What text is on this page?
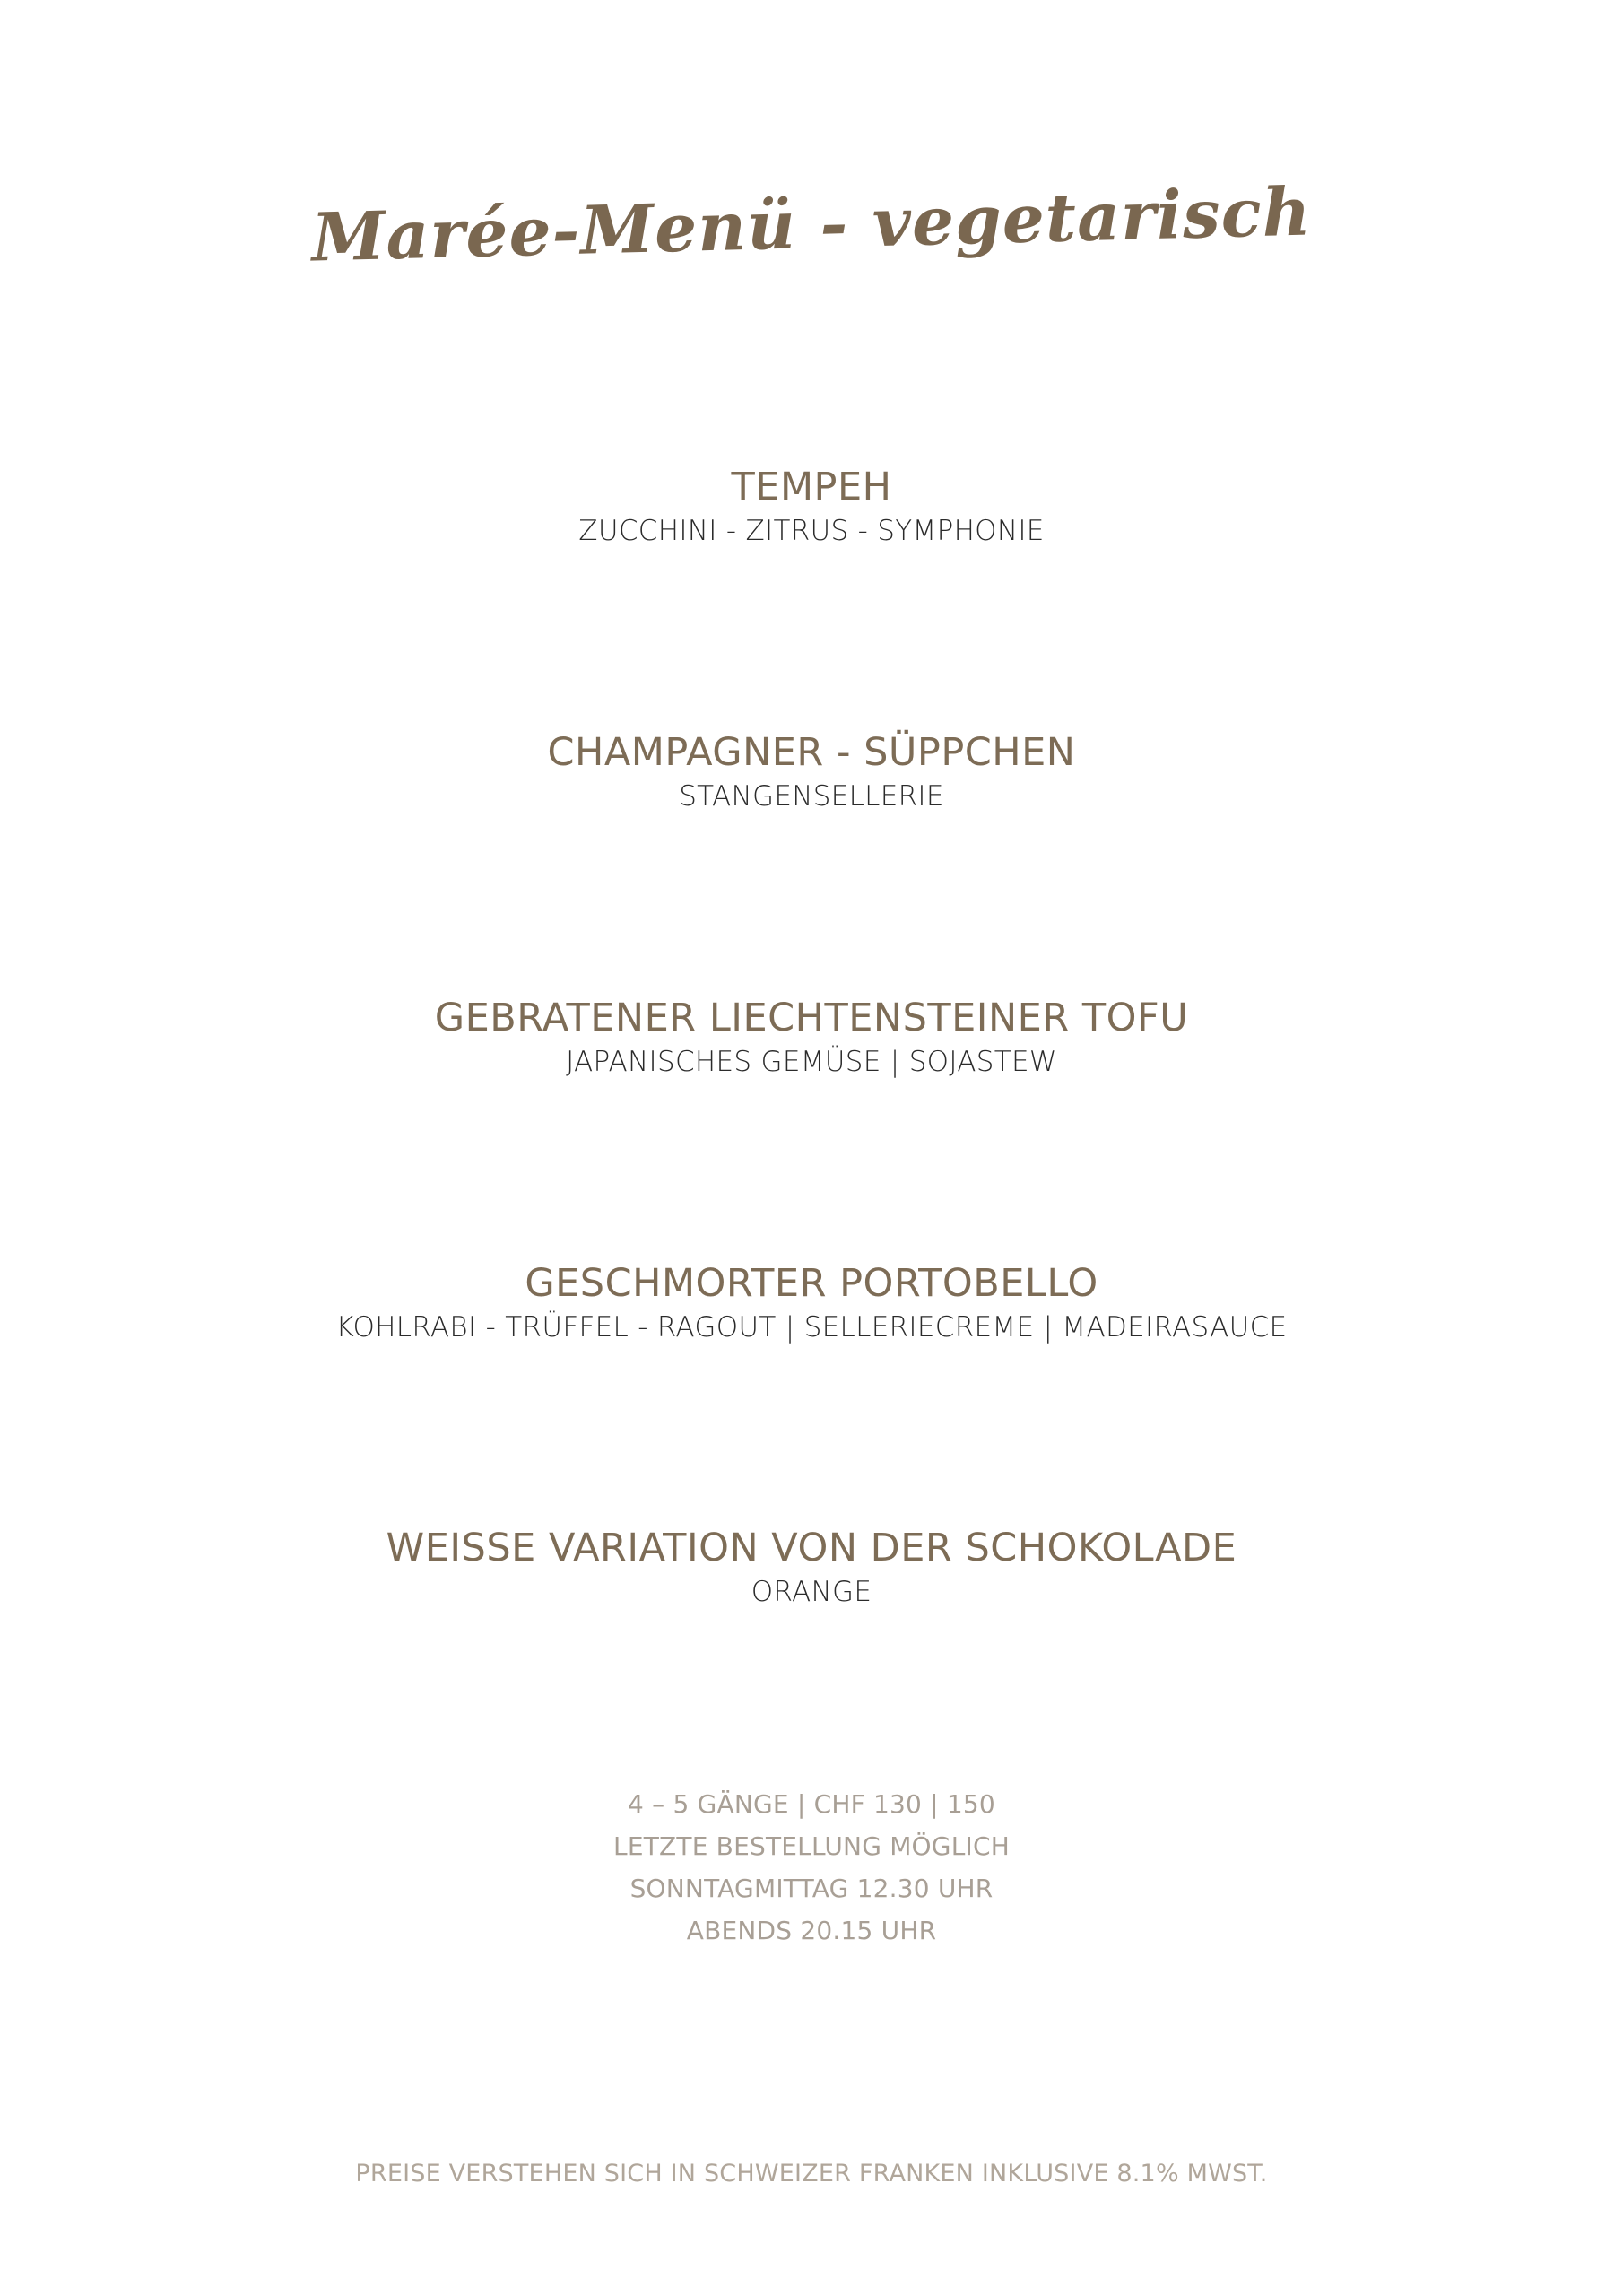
Marée-Menü - vegetarisch

TEMPEH

ZUCCHINI - ZITRUS - SYMPHONIE

CHAMPAGNER - SÜPPCHEN

STANGENSELLERIE

GEBRATENER LIECHTENSTEINER TOFU

JAPANISCHES GEMÜSE | SOJASTEW

GESCHMORTER PORTOBELLO

KOHLRABI - TRÜFFEL - RAGOUT | SELLERIECREME | MADEIRASAUCE

WEISSE VARIATION VON DER SCHOKOLADE

ORANGE

4 – 5 GÄNGE | CHF 130 | 150

LETZTE BESTELLUNG MÖGLICH

SONNTAGMITTAG 12.30 UHR

ABENDS 20.15 UHR

PREISE VERSTEHEN SICH IN SCHWEIZER FRANKEN INKLUSIVE 8.1% MWST.
